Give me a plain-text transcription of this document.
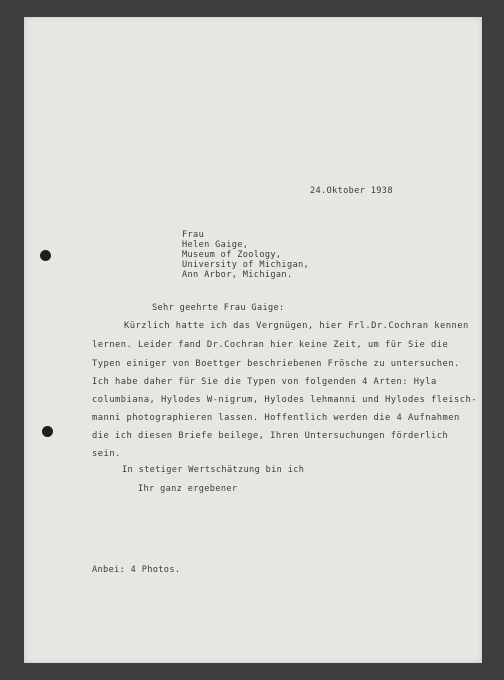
24.Oktober 1938
Frau
Helen Gaige,
Museum of Zoology,
University of Michigan,
Ann Arbor, Michigan.
Sehr geehrte Frau Gaige:
Kürzlich hatte ich das Vergnügen, hier Frl.Dr.Cochran kennen
lernen. Leider fand Dr.Cochran hier keine Zeit, um für Sie die
Typen einiger von Boettger beschriebenen Frösche zu untersuchen.
Ich habe daher für Sie die Typen von folgenden 4 Arten: Hyla
columbiana, Hylodes W-nigrum, Hylodes lehmanni und Hylodes fleisch-
manni photographieren lassen. Hoffentlich werden die 4 Aufnahmen
die ich diesen Briefe beilege, Ihren Untersuchungen förderlich
sein.
In stetiger Wertschätzung bin ich
Ihr ganz ergebener
Anbei: 4 Photos.
